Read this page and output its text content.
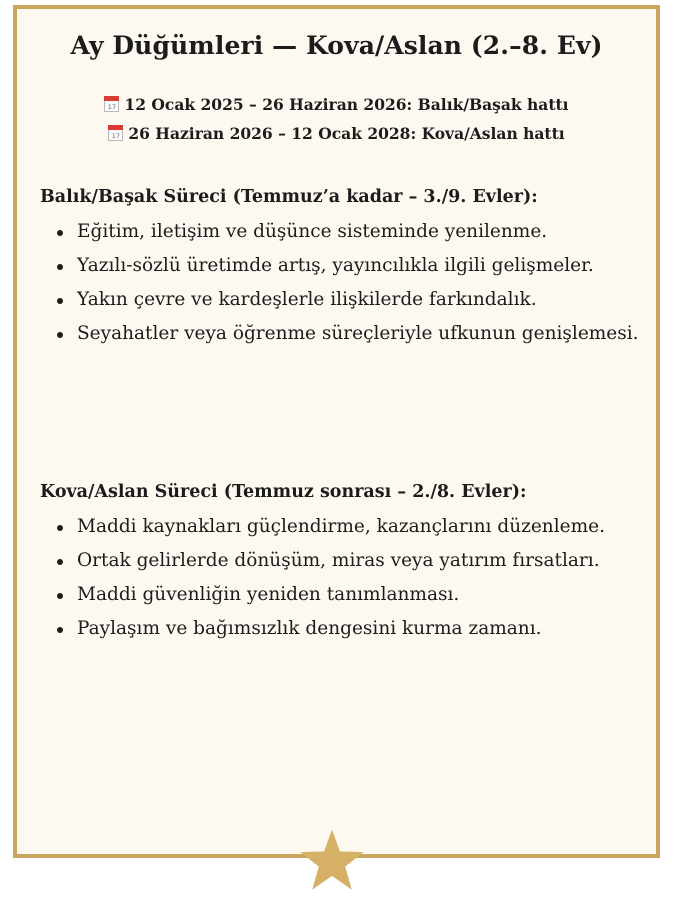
Ay Düğümleri — Kova/Aslan (2.–8. Ev)
17 12 Ocak 2025 – 26 Haziran 2026: Balık/Başak hattı
17 26 Haziran 2026 – 12 Ocak 2028: Kova/Aslan hattı
Balık/Başak Süreci (Temmuz’a kadar – 3./9. Evler):
Eğitim, iletişim ve düşünce sisteminde yenilenme.
Yazılı-sözlü üretimde artış, yayıncılıkla ilgili gelişmeler.
Yakın çevre ve kardeşlerle ilişkilerde farkındalık.
Seyahatler veya öğrenme süreçleriyle ufkunun genişlemesi.
Kova/Aslan Süreci (Temmuz sonrası – 2./8. Evler):
Maddi kaynakları güçlendirme, kazançlarını düzenleme.
Ortak gelirlerde dönüşüm, miras veya yatırım fırsatları.
Maddi güvenliğin yeniden tanımlanması.
Paylaşım ve bağımsızlık dengesini kurma zamanı.
